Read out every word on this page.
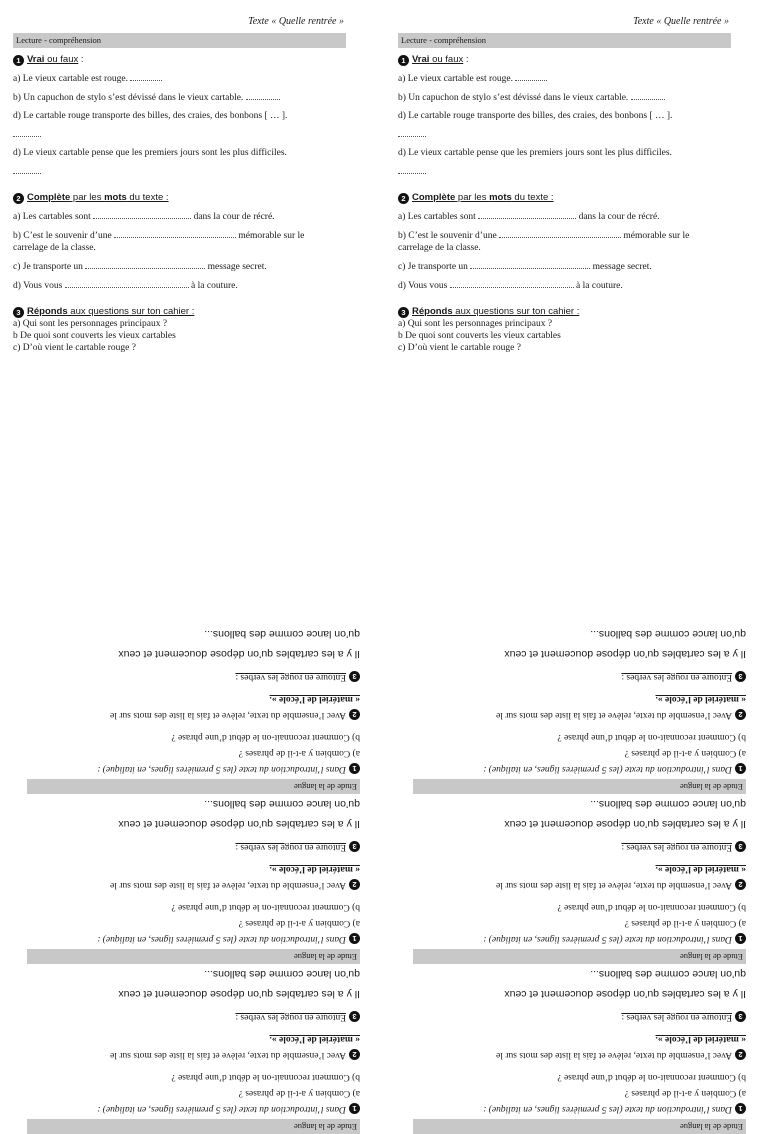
Texte « Quelle rentrée »
Lecture - compréhension
1 Vrai ou faux :
a) Le vieux cartable est rouge.
b) Un capuchon de stylo s’est dévissé dans le vieux cartable.
d) Le cartable rouge transporte des billes, des craies, des bonbons [ … ].
d) Le vieux cartable pense que les premiers jours sont les plus difficiles.
2 Complète par les mots du texte :
a) Les cartables sont	dans la cour de récré.
b) C’est le souvenir d’une	mémorable sur le
carrelage de la classe.
c) Je transporte un	message secret.
d) Vous vous	à la couture.
3 Réponds aux questions sur ton cahier :
a) Qui sont les personnages principaux ?
b De quoi sont couverts les vieux cartables
c) D’où vient le cartable rouge ?
Texte « Quelle rentrée »
Lecture - compréhension
1 Vrai ou faux :
a) Le vieux cartable est rouge.
b) Un capuchon de stylo s’est dévissé dans le vieux cartable.
d) Le cartable rouge transporte des billes, des craies, des bonbons [ … ].
d) Le vieux cartable pense que les premiers jours sont les plus difficiles.
2 Complète par les mots du texte :
a) Les cartables sont	dans la cour de récré.
b) C’est le souvenir d’une	mémorable sur le
carrelage de la classe.
c) Je transporte un	message secret.
d) Vous vous	à la couture.
3 Réponds aux questions sur ton cahier :
a) Qui sont les personnages principaux ?
b De quoi sont couverts les vieux cartables
c) D’où vient le cartable rouge ?
Etude de la langue
1Dans l’introduction du texte (les 5 premières lignes, en italique) :
a) Combien y a-t-il de phrases ?
b) Comment reconnait-on le début d’une phrase ?
2Avec l’ensemble du texte, relève et fais la liste des mots sur le
« matériel de l’école ».
3Entoure en rouge les verbes :
Il y a les cartables qu’on dépose doucement et ceux
qu’on lance comme des ballons...
Etude de la langue
1Dans l’introduction du texte (les 5 premières lignes, en italique) :
a) Combien y a-t-il de phrases ?
b) Comment reconnait-on le début d’une phrase ?
2Avec l’ensemble du texte, relève et fais la liste des mots sur le
« matériel de l’école ».
3Entoure en rouge les verbes :
Il y a les cartables qu’on dépose doucement et ceux
qu’on lance comme des ballons...
Etude de la langue
1Dans l’introduction du texte (les 5 premières lignes, en italique) :
a) Combien y a-t-il de phrases ?
b) Comment reconnait-on le début d’une phrase ?
2Avec l’ensemble du texte, relève et fais la liste des mots sur le
« matériel de l’école ».
3Entoure en rouge les verbes :
Il y a les cartables qu’on dépose doucement et ceux
qu’on lance comme des ballons...
Etude de la langue
1Dans l’introduction du texte (les 5 premières lignes, en italique) :
a) Combien y a-t-il de phrases ?
b) Comment reconnait-on le début d’une phrase ?
2Avec l’ensemble du texte, relève et fais la liste des mots sur le
« matériel de l’école ».
3Entoure en rouge les verbes :
Il y a les cartables qu’on dépose doucement et ceux
qu’on lance comme des ballons...
Etude de la langue
1Dans l’introduction du texte (les 5 premières lignes, en italique) :
a) Combien y a-t-il de phrases ?
b) Comment reconnait-on le début d’une phrase ?
2Avec l’ensemble du texte, relève et fais la liste des mots sur le
« matériel de l’école ».
3Entoure en rouge les verbes :
Il y a les cartables qu’on dépose doucement et ceux
qu’on lance comme des ballons...
Etude de la langue
1Dans l’introduction du texte (les 5 premières lignes, en italique) :
a) Combien y a-t-il de phrases ?
b) Comment reconnait-on le début d’une phrase ?
2Avec l’ensemble du texte, relève et fais la liste des mots sur le
« matériel de l’école ».
3Entoure en rouge les verbes :
Il y a les cartables qu’on dépose doucement et ceux
qu’on lance comme des ballons...
